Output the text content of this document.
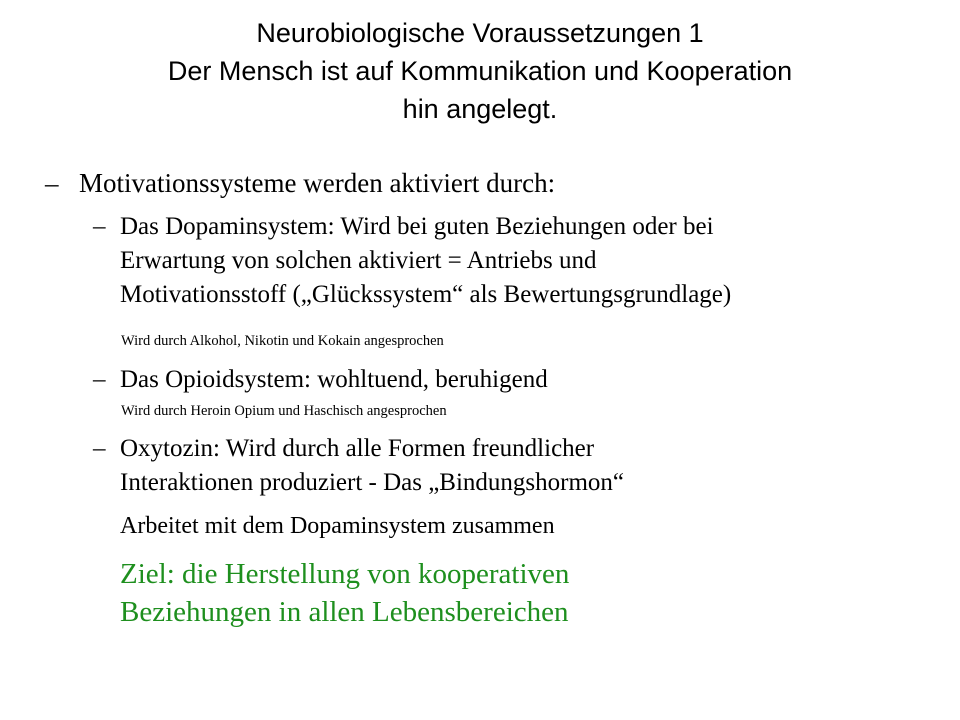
Neurobiologische Voraussetzungen 1
Der Mensch ist auf Kommunikation und Kooperation
hin angelegt.
– Motivationssysteme werden aktiviert durch:
– Das Dopaminsystem: Wird bei guten Beziehungen oder bei
Erwartung von solchen aktiviert = Antriebs und
Motivationsstoff („Glückssystem“ als Bewertungsgrundlage)
Wird durch Alkohol, Nikotin und Kokain angesprochen
– Das Opioidsystem: wohltuend, beruhigend
Wird durch Heroin Opium und Haschisch angesprochen
– Oxytozin: Wird durch alle Formen freundlicher
Interaktionen produziert - Das „Bindungshormon“
Arbeitet mit dem Dopaminsystem zusammen
Ziel: die Herstellung von kooperativen
Beziehungen in allen Lebensbereichen
